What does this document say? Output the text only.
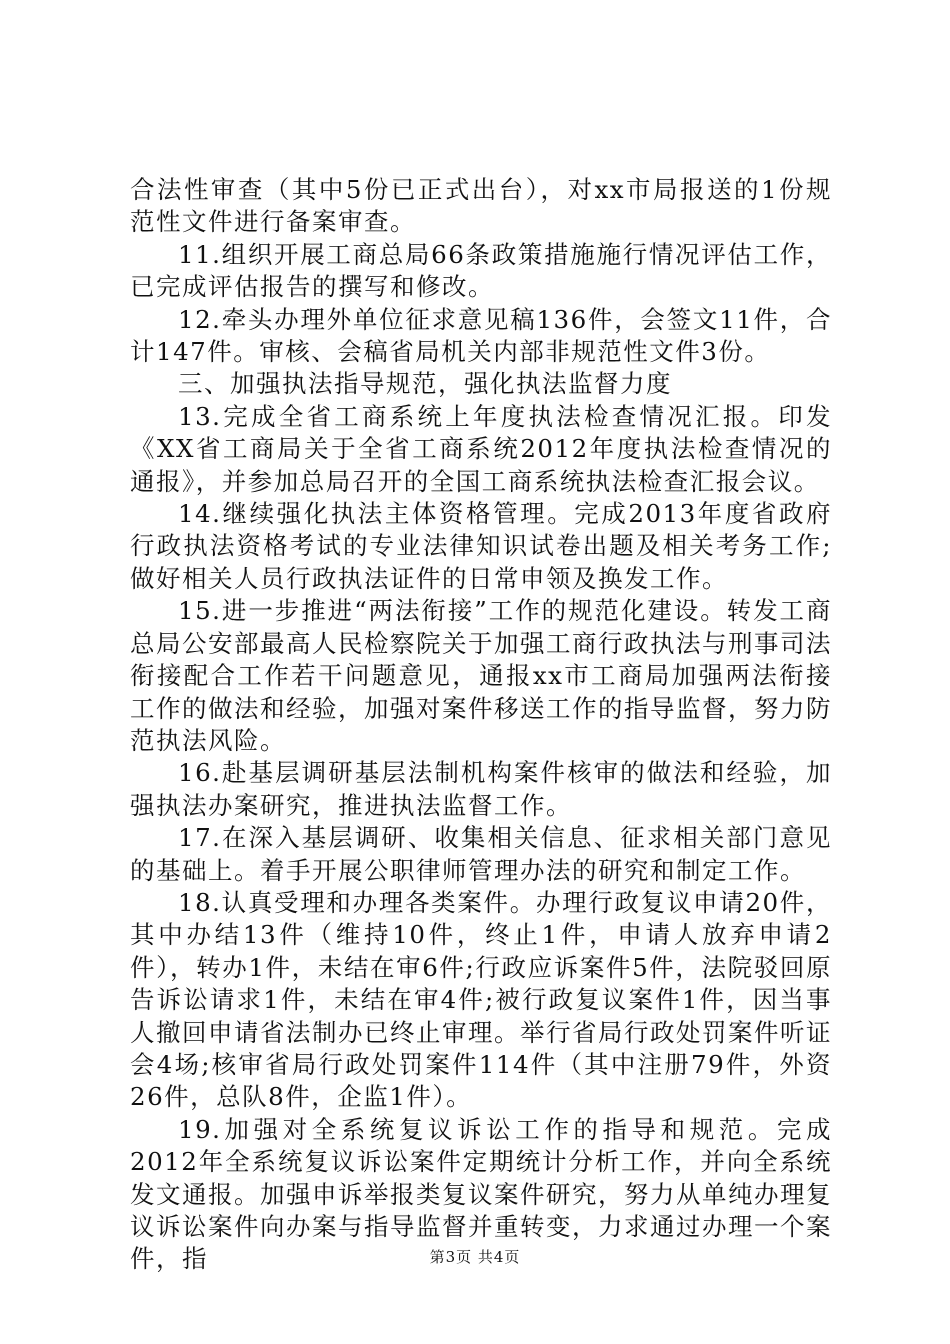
合法性审查（其中5份已正式出台），对xx市局报送的1份规范性文件进行备案审查。

11.组织开展工商总局66条政策措施施行情况评估工作，已完成评估报告的撰写和修改。

12.牵头办理外单位征求意见稿136件，会签文11件，合计147件。审核、会稿省局机关内部非规范性文件3份。

三、加强执法指导规范，强化执法监督力度

13.完成全省工商系统上年度执法检查情况汇报。印发《XX省工商局关于全省工商系统2012年度执法检查情况的通报》，并参加总局召开的全国工商系统执法检查汇报会议。

14.继续强化执法主体资格管理。完成2013年度省政府行政执法资格考试的专业法律知识试卷出题及相关考务工作;做好相关人员行政执法证件的日常申领及换发工作。

15.进一步推进“两法衔接”工作的规范化建设。转发工商总局公安部最高人民检察院关于加强工商行政执法与刑事司法衔接配合工作若干问题意见，通报xx市工商局加强两法衔接工作的做法和经验，加强对案件移送工作的指导监督，努力防范执法风险。

16.赴基层调研基层法制机构案件核审的做法和经验，加强执法办案研究，推进执法监督工作。

17.在深入基层调研、收集相关信息、征求相关部门意见的基础上。着手开展公职律师管理办法的研究和制定工作。

18.认真受理和办理各类案件。办理行政复议申请20件，其中办结13件（维持10件，终止1件，申请人放弃申请2件），转办1件，未结在审6件;行政应诉案件5件，法院驳回原告诉讼请求1件，未结在审4件;被行政复议案件1件，因当事人撤回申请省法制办已终止审理。举行省局行政处罚案件听证会4场;核审省局行政处罚案件114件（其中注册79件，外资26件，总队8件，企监1件）。

19.加强对全系统复议诉讼工作的指导和规范。完成2012年全系统复议诉讼案件定期统计分析工作，并向全系统发文通报。加强申诉举报类复议案件研究，努力从单纯办理复议诉讼案件向办案与指导监督并重转变，力求通过办理一个案件，指	第3页 共4页
